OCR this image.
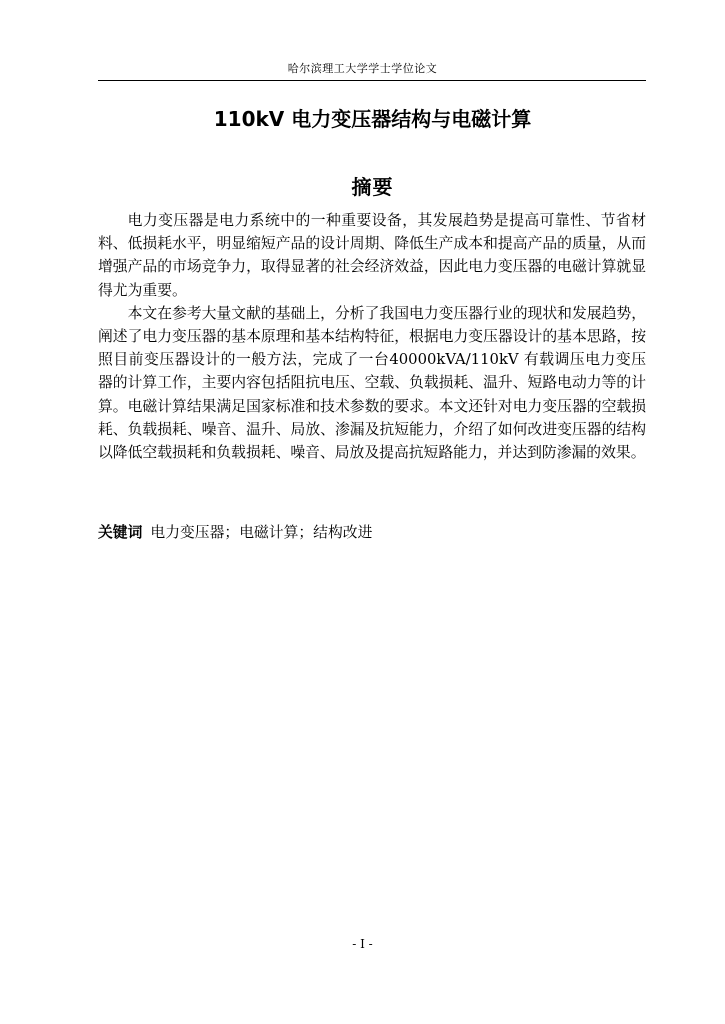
哈尔滨理工大学学士学位论文
110kV 电力变压器结构与电磁计算
摘要

电力变压器是电力系统中的一种重要设备，其发展趋势是提高可靠性、节省材料、低损耗水平，明显缩短产品的设计周期、降低生产成本和提高产品的质量，从而增强产品的市场竞争力，取得显著的社会经济效益，因此电力变压器的电磁计算就显得尤为重要。

本文在参考大量文献的基础上，分析了我国电力变压器行业的现状和发展趋势，阐述了电力变压器的基本原理和基本结构特征，根据电力变压器设计的基本思路，按照目前变压器设计的一般方法，完成了一台40000kVA/110kV 有载调压电力变压器的计算工作，主要内容包括阻抗电压、空载、负载损耗、温升、短路电动力等的计算。电磁计算结果满足国家标准和技术参数的要求。本文还针对电力变压器的空载损耗、负载损耗、噪音、温升、局放、渗漏及抗短能力，介绍了如何改进变压器的结构以降低空载损耗和负载损耗、噪音、局放及提高抗短路能力，并达到防渗漏的效果。

关键词 电力变压器；电磁计算；结构改进
- I -
